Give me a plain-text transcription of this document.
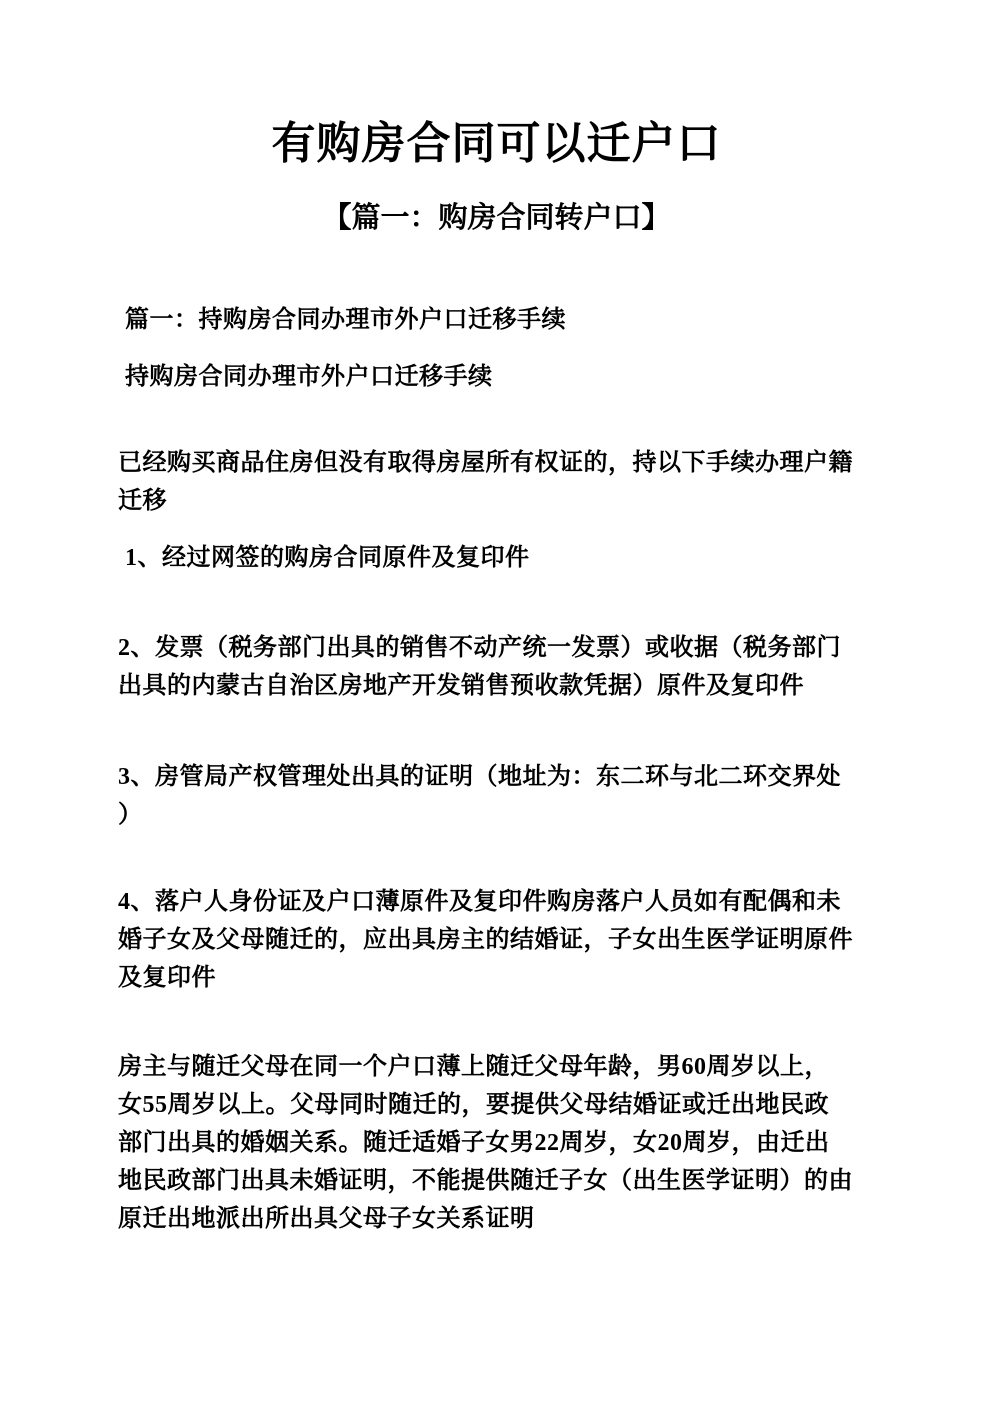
有购房合同可以迁户口
【篇一：购房合同转户口】
篇一：持购房合同办理市外户口迁移手续
持购房合同办理市外户口迁移手续
已经购买商品住房但没有取得房屋所有权证的，持以下手续办理户籍
迁移
1、经过网签的购房合同原件及复印件
2、发票（税务部门出具的销售不动产统一发票）或收据（税务部门
出具的内蒙古自治区房地产开发销售预收款凭据）原件及复印件
3、房管局产权管理处出具的证明（地址为：东二环与北二环交界处
）
4、落户人身份证及户口薄原件及复印件购房落户人员如有配偶和未
婚子女及父母随迁的，应出具房主的结婚证，子女出生医学证明原件
及复印件
房主与随迁父母在同一个户口薄上随迁父母年龄，男60周岁以上，
女55周岁以上。父母同时随迁的，要提供父母结婚证或迁出地民政
部门出具的婚姻关系。随迁适婚子女男22周岁，女20周岁，由迁出
地民政部门出具未婚证明，不能提供随迁子女（出生医学证明）的由
原迁出地派出所出具父母子女关系证明
